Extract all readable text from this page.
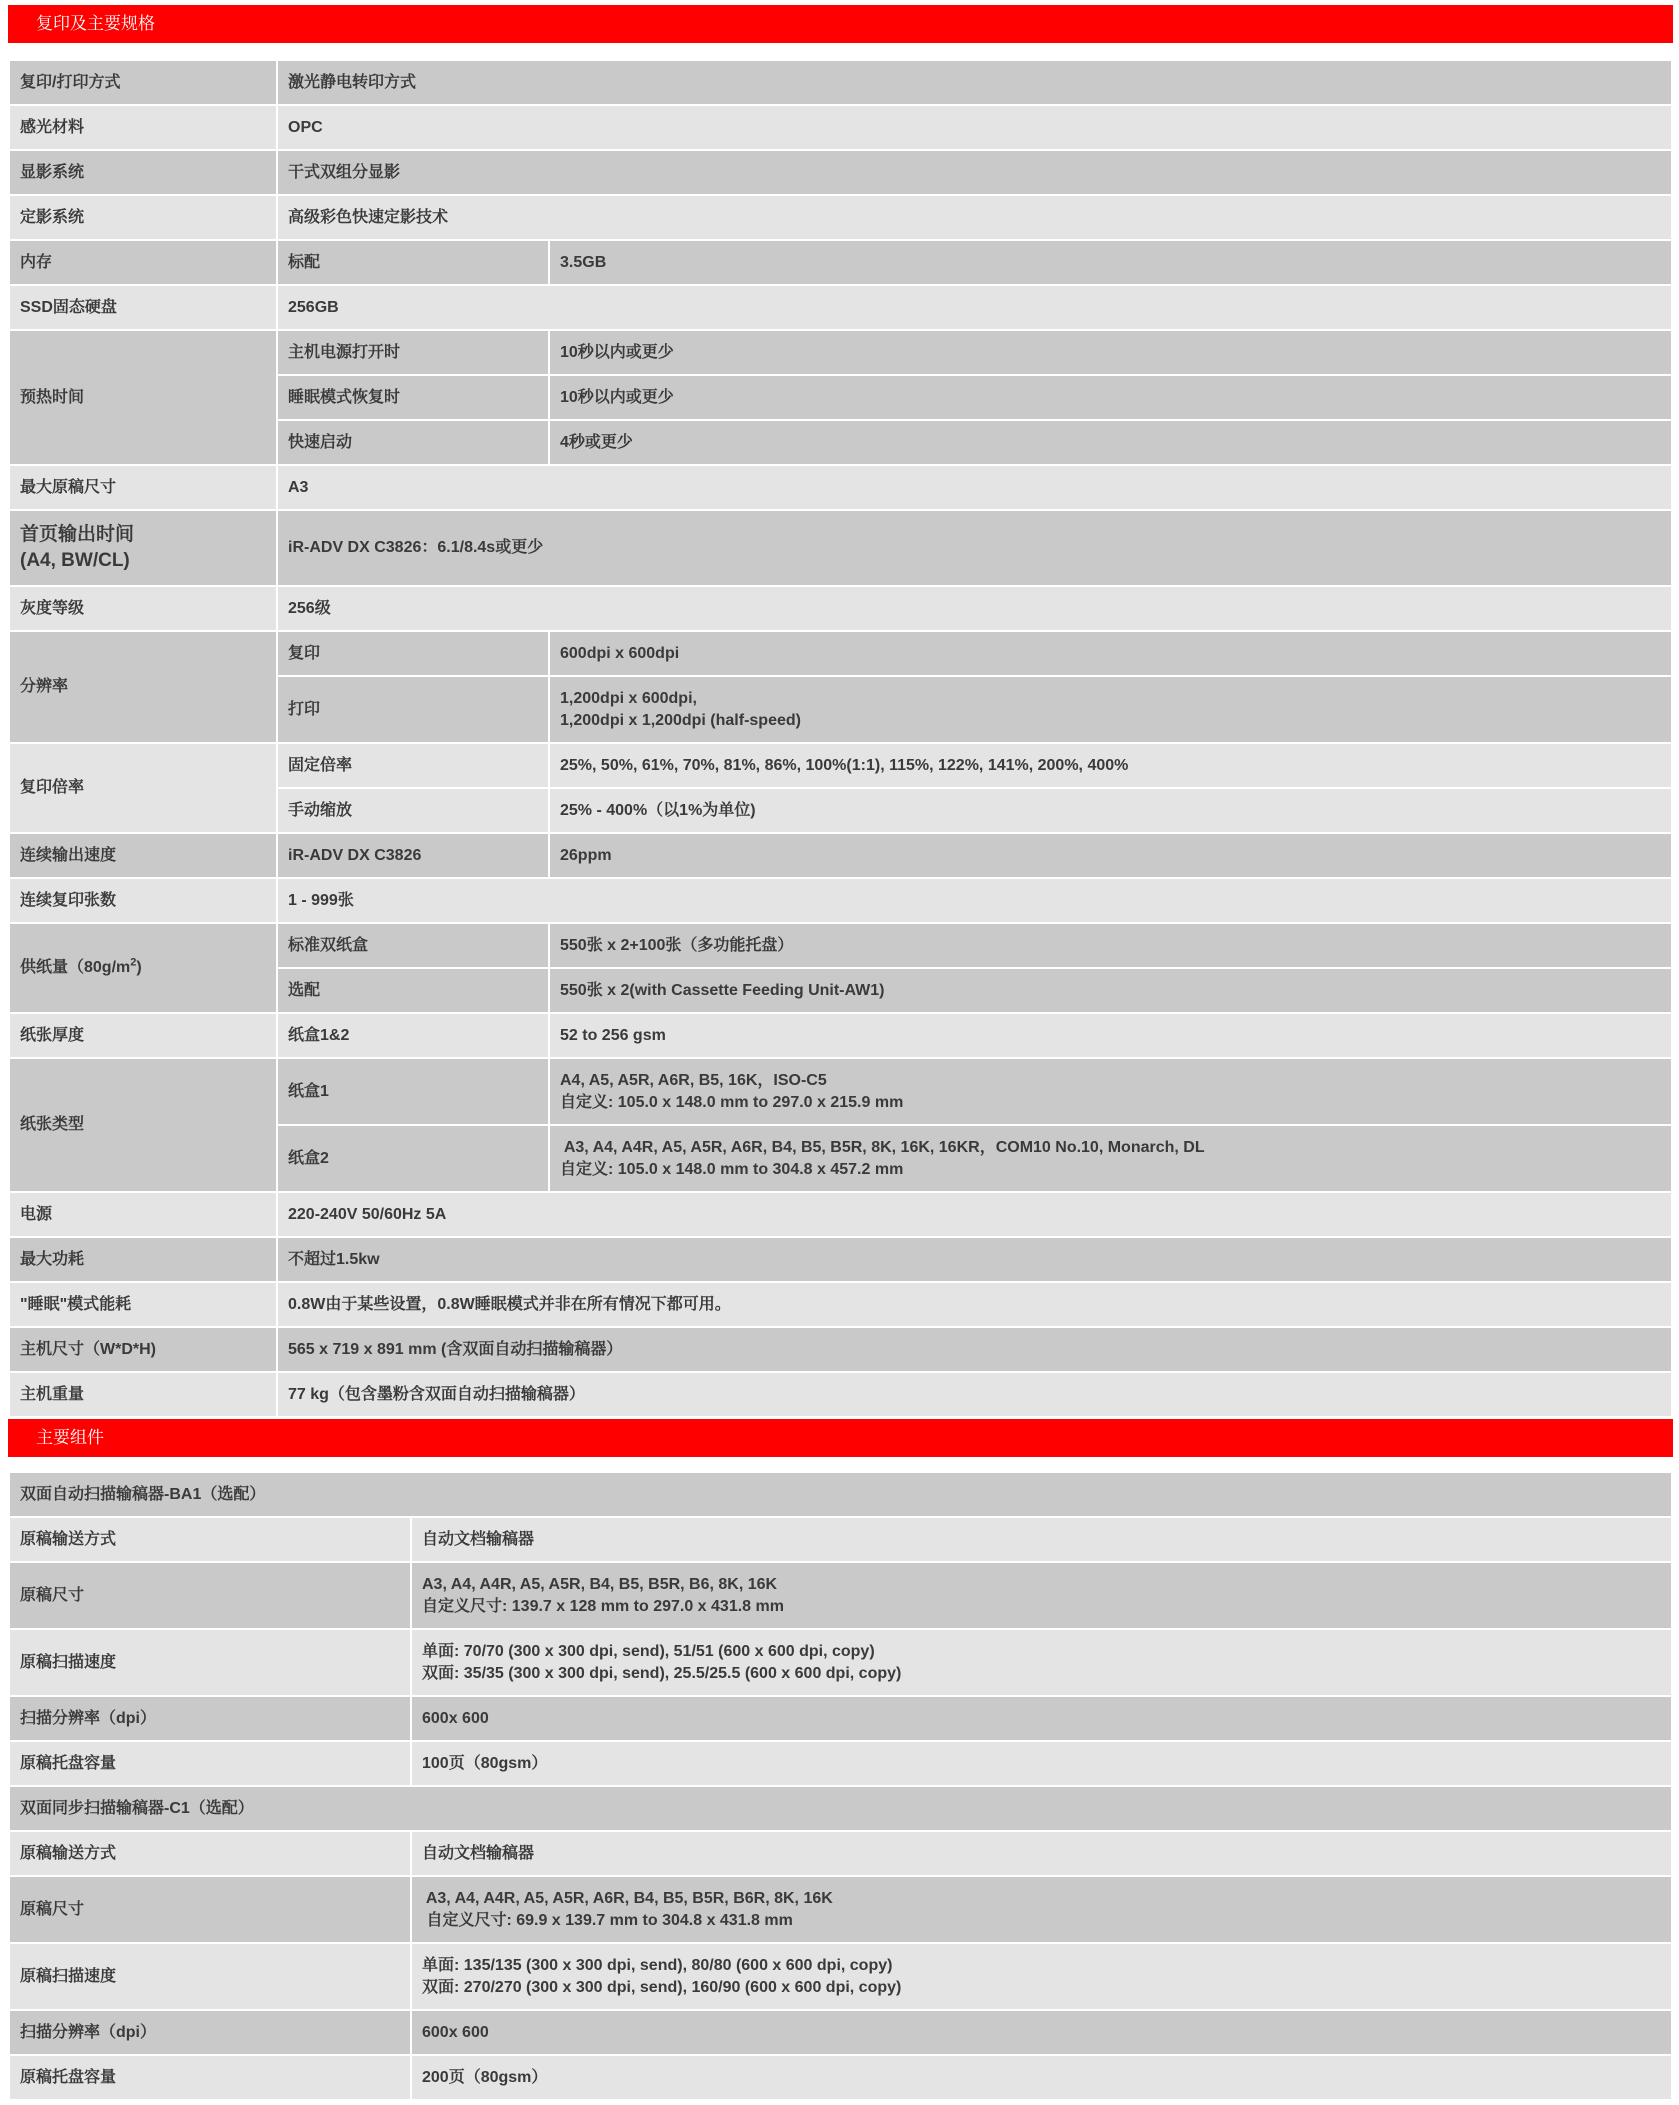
复印及主要规格
复印/打印方式	激光静电转印方式	
感光材料	OPC	
显影系统	干式双组分显影	
定影系统	高级彩色快速定影技术	
内存	标配	3.5GB
SSD固态硬盘	256GB	
预热时间	主机电源打开时	10秒以内或更少
	睡眠模式恢复时	10秒以内或更少
	快速启动	4秒或更少
最大原稿尺寸	A3	

首页输出时间
(A4, BW/CL)	iR-ADV DX C3826：6.1/8.4s或更少	
灰度等级	256级	
分辨率	复印	600dpi x 600dpi
	打印	1,200dpi x 600dpi,
1,200dpi x 1,200dpi (half-speed)

复印倍率	固定倍率	25%, 50%, 61%, 70%, 81%, 86%, 100%(1:1), 115%, 122%, 141%, 200%, 400%
	手动缩放	25% - 400%（以1%为单位)
连续输出速度	iR-ADV DX C3826	26ppm
连续复印张数	1 - 999张	
供纸量$(80g/m^2)$	标准双纸盒	550张 x 2+100张（多功能托盘）
	选配	550张 x 2(with Cassette Feeding Unit-AW1)
纸张厚度	纸盒1&2	52 to 256 gsm
纸张类型	纸盒1	A4, A5, A5R, A6R, B5, 16K，ISO-C5
自定义: 105.0 x 148.0 mm to 297.0 x 215.9 mm

	纸盒2	A3, A4, A4R, A5, A5R, A6R, B4, B5, B5R, 8K, 16K, 16KR，COM10 No.10, Monarch, DL
自定义: 105.0 x 148.0 mm to 304.8 x 457.2 mm

电源	220-240V 50/60Hz 5A	
最大功耗	不超过1.5kw	
"睡眠"模式能耗	0.8W由于某些设置，0.8W睡眠模式并非在所有情况下都可用。	
主机尺寸（W*D*H)	565 x 719 x 891 mm (含双面自动扫描输稿器）	
主机重量	77 kg（包含墨粉含双面自动扫描输稿器）	
主要组件
双面自动扫描输稿器-BA1（选配）	
原稿输送方式	自动文档输稿器
原稿尺寸	A3, A4, A4R, A5, A5R, B4, B5, B5R, B6, 8K, 16K
自定义尺寸: 139.7 x 128 mm to 297.0 x 431.8 mm

原稿扫描速度	单面: 70/70 (300 x 300 dpi, send), 51/51 (600 x 600 dpi, copy)
双面: 35/35 (300 x 300 dpi, send), 25.5/25.5 (600 x 600 dpi, copy)

扫描分辨率（dpi）	600x 600
原稿托盘容量	100页（80gsm）
双面同步扫描输稿器-C1（选配）	
原稿输送方式	自动文档输稿器
原稿尺寸	A3, A4, A4R, A5, A5R, A6R, B4, B5, B5R, B6R, 8K, 16K
自定义尺寸: 69.9 x 139.7 mm to 304.8 x 431.8 mm

原稿扫描速度	单面: 135/135 (300 x 300 dpi, send), 80/80 (600 x 600 dpi, copy)
双面: 270/270 (300 x 300 dpi, send), 160/90 (600 x 600 dpi, copy)

扫描分辨率（dpi）	600x 600
原稿托盘容量	200页（80gsm）
